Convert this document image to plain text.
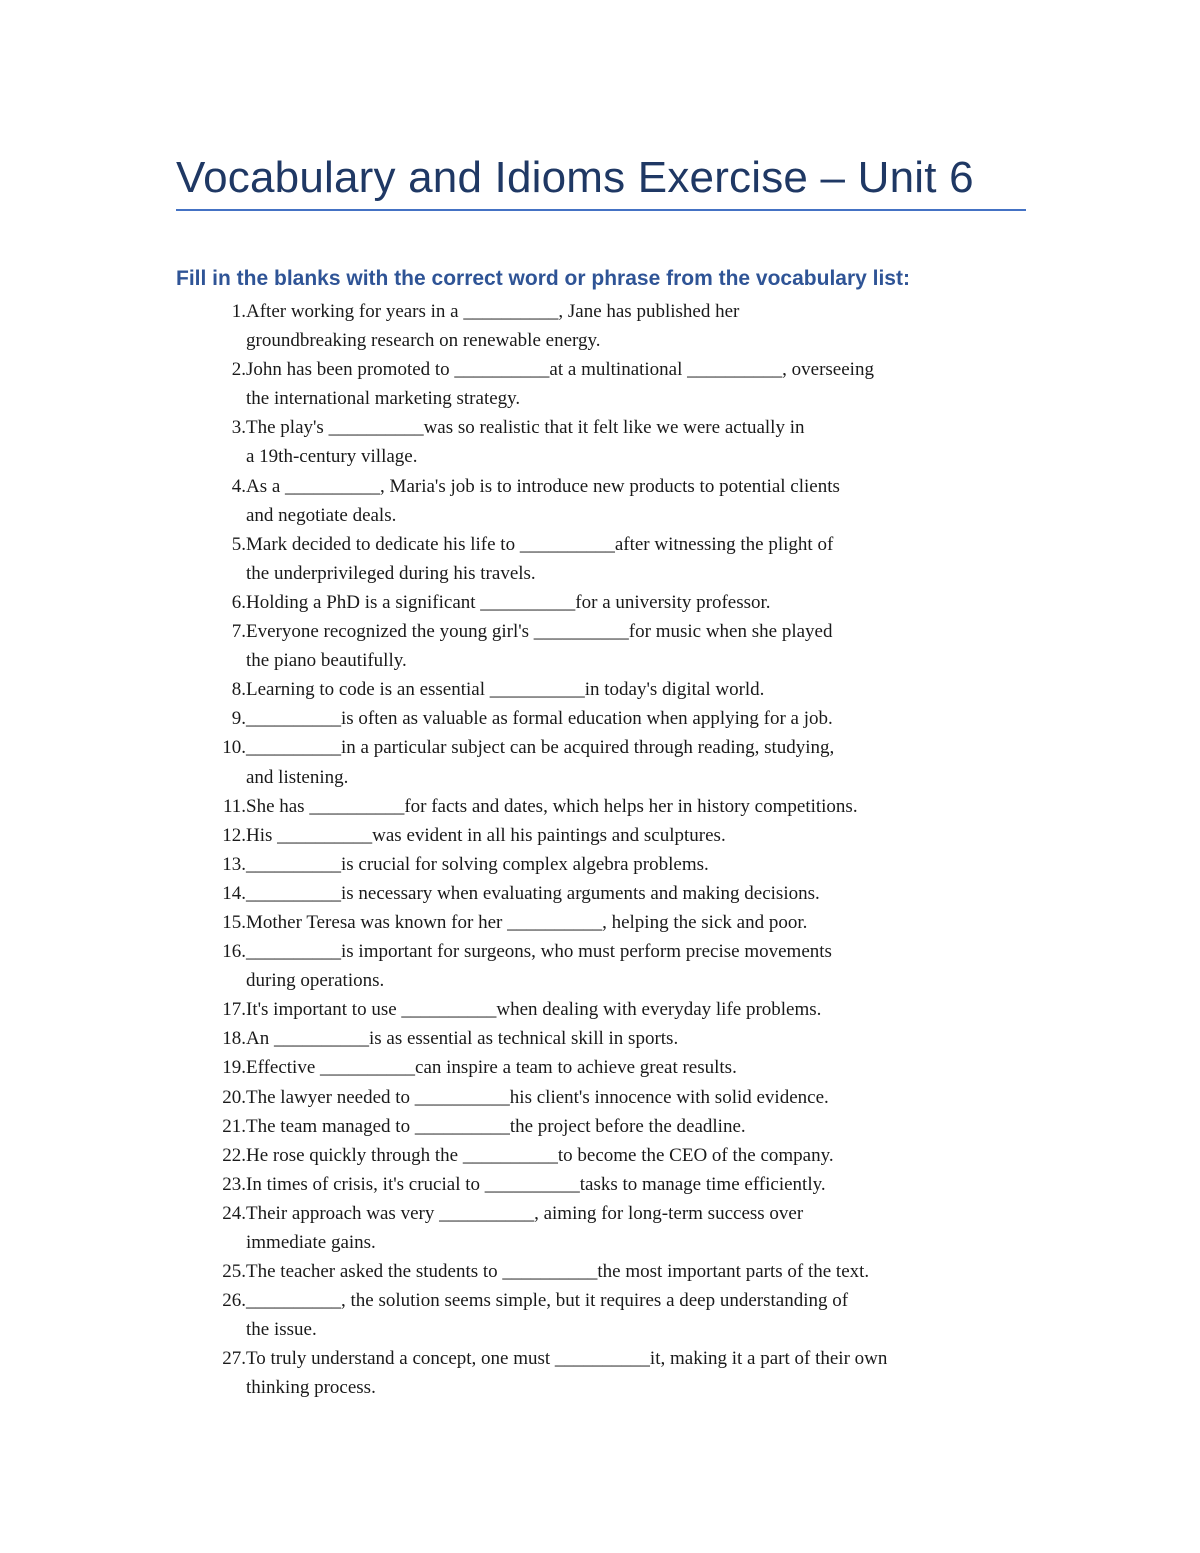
Vocabulary and Idioms Exercise – Unit 6
Fill in the blanks with the correct word or phrase from the vocabulary list:
1. After working for years in a __________, Jane has published her
groundbreaking research on renewable energy.
2. John has been promoted to __________at a multinational __________, overseeing
the international marketing strategy.
3. The play's __________was so realistic that it felt like we were actually in
a 19th-century village.
4. As a __________, Maria's job is to introduce new products to potential clients
and negotiate deals.
5. Mark decided to dedicate his life to __________after witnessing the plight of
the underprivileged during his travels.
6. Holding a PhD is a significant __________for a university professor.
7. Everyone recognized the young girl's __________for music when she played
the piano beautifully.
8. Learning to code is an essential __________in today's digital world.
9. __________is often as valuable as formal education when applying for a job.
10. __________in a particular subject can be acquired through reading, studying,
and listening.
11. She has __________for facts and dates, which helps her in history competitions.
12. His __________was evident in all his paintings and sculptures.
13. __________is crucial for solving complex algebra problems.
14. __________is necessary when evaluating arguments and making decisions.
15. Mother Teresa was known for her __________, helping the sick and poor.
16. __________is important for surgeons, who must perform precise movements
during operations.
17. It's important to use __________when dealing with everyday life problems.
18. An __________is as essential as technical skill in sports.
19. Effective __________can inspire a team to achieve great results.
20. The lawyer needed to __________his client's innocence with solid evidence.
21. The team managed to __________the project before the deadline.
22. He rose quickly through the __________to become the CEO of the company.
23. In times of crisis, it's crucial to __________tasks to manage time efficiently.
24. Their approach was very __________, aiming for long-term success over
immediate gains.
25. The teacher asked the students to __________the most important parts of the text.
26. __________, the solution seems simple, but it requires a deep understanding of
the issue.
27. To truly understand a concept, one must __________it, making it a part of their own
thinking process.
